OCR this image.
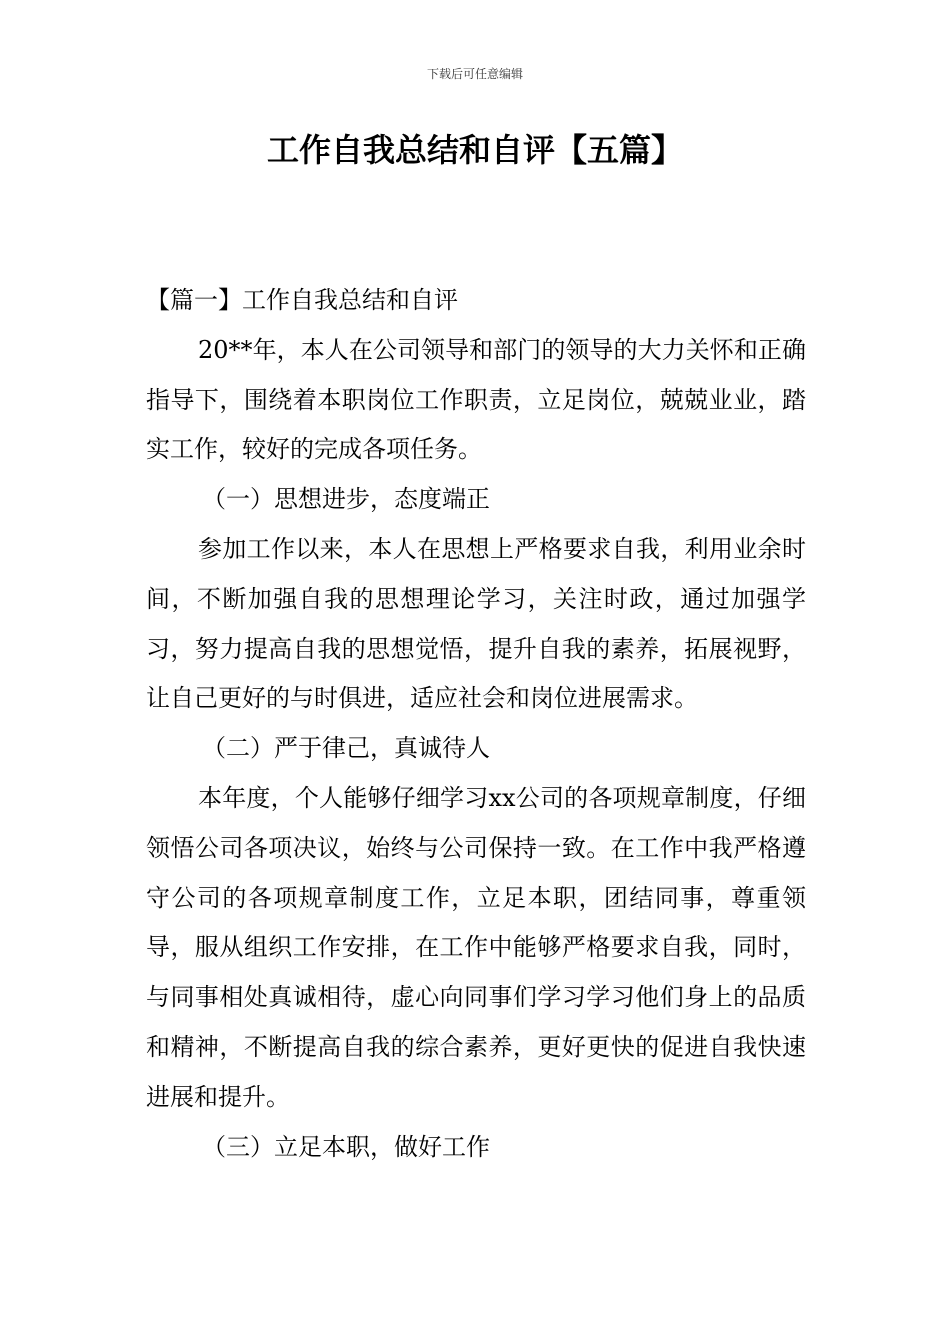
下载后可任意编辑
工作自我总结和自评【五篇】

【篇一】工作自我总结和自评

20**年，本人在公司领导和部门的领导的大力关怀和正确指导下，围绕着本职岗位工作职责，立足岗位，兢兢业业，踏实工作，较好的完成各项任务。

（一）思想进步，态度端正

参加工作以来，本人在思想上严格要求自我，利用业余时间，不断加强自我的思想理论学习，关注时政，通过加强学习，努力提高自我的思想觉悟，提升自我的素养，拓展视野，让自己更好的与时俱进，适应社会和岗位进展需求。

（二）严于律己，真诚待人

本年度，个人能够仔细学习xx公司的各项规章制度，仔细领悟公司各项决议，始终与公司保持一致。在工作中我严格遵守公司的各项规章制度工作，立足本职，团结同事，尊重领导，服从组织工作安排，在工作中能够严格要求自我，同时，与同事相处真诚相待，虚心向同事们学习学习他们身上的品质和精神，不断提高自我的综合素养，更好更快的促进自我快速进展和提升。

（三）立足本职，做好工作
